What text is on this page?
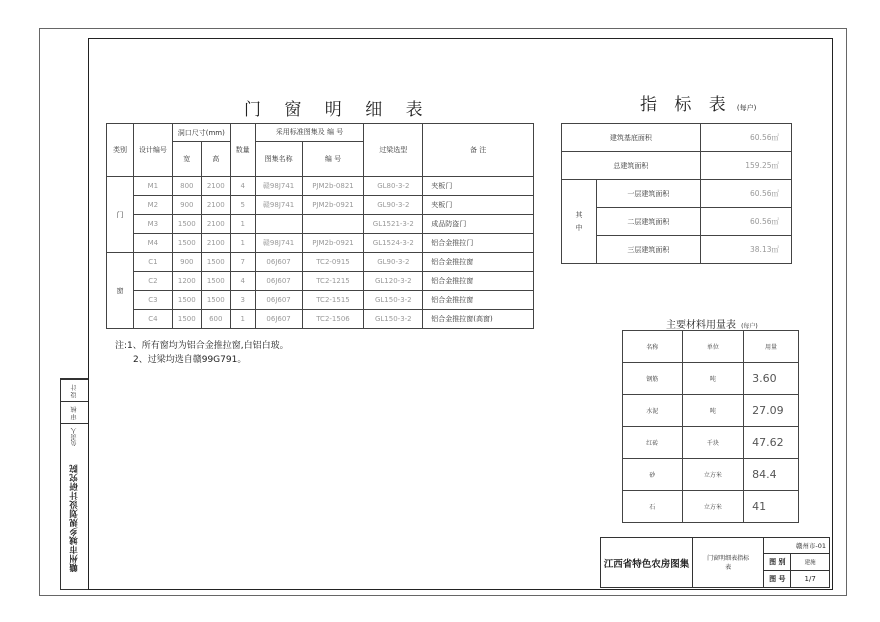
设 计
审 核
负责人
赣州市城乡规划设计研究院
门 窗 明 细 表
类别	设计编号	洞口尺寸(mm)		数量	采用标准图集及 编 号		过梁选型	备 注
		宽	高		图集名称	编 号		
门	M1	800	2100	4	赣98J741	PJM2b-0821	GL80-3-2	夹板门
	M2	900	2100	5	赣98J741	PJM2b-0921	GL90-3-2	夹板门
	M3	1500	2100	1			GL1521-3-2	成品防盗门
	M4	1500	2100	1	赣98J741	PJM2b-0921	GL1524-3-2	铝合金推拉门
窗	C1	900	1500	7	06J607	TC2-0915	GL90-3-2	铝合金推拉窗
	C2	1200	1500	4	06J607	TC2-1215	GL120-3-2	铝合金推拉窗
	C3	1500	1500	3	06J607	TC2-1515	GL150-3-2	铝合金推拉窗
	C4	1500	600	1	06J607	TC2-1506	GL150-3-2	铝合金推拉窗(高窗)
注:1、所有窗均为铝合金推拉窗,白铝白玻。
2、过梁均选自赣99G791。
指 标 表 (每户)
建筑基底面积		60.56㎡
总建筑面积		159.25㎡
其中	一层建筑面积	60.56㎡
	二层建筑面积	60.56㎡
	三层建筑面积	38.13㎡
主要材料用量表 (每户)
名称	单位	用量
钢筋	吨	3.60
水泥	吨	27.09
红砖	千块	47.62
砂	立方米	84.4
石	立方米	41
江西省特色农房图集	门窗明细表指标表	赣州市-01	
		图 别	建施
		图 号	1/7
